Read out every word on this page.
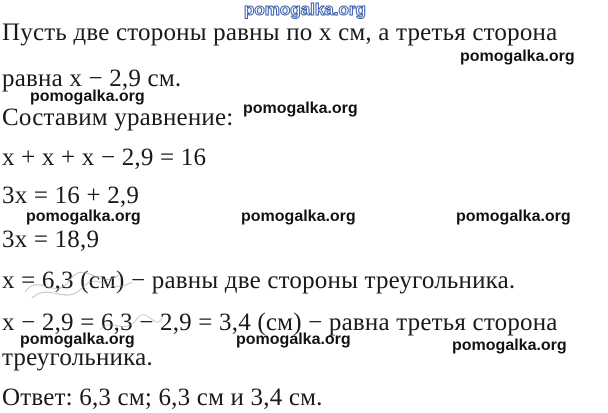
pomogalka.org
Пусть две стороны равны по x см, а третья сторона
равна x − 2,9 см.
Составим уравнение:
x + x + x − 2,9 = 16
3x = 16 + 2,9
3x = 18,9
x = 6,3 (см) − равны две стороны треугольника.
x − 2,9 = 6,3 − 2,9 = 3,4 (см) − равна третья сторона
треугольника.
Ответ: 6,3 см; 6,3 см и 3,4 см.
pomogalka.org
pomogalka.org
pomogalka.org
pomogalka.org	pomogalka.org	pomogalka.org
pomogalka.org	pomogalka.org	pomogalka.org
